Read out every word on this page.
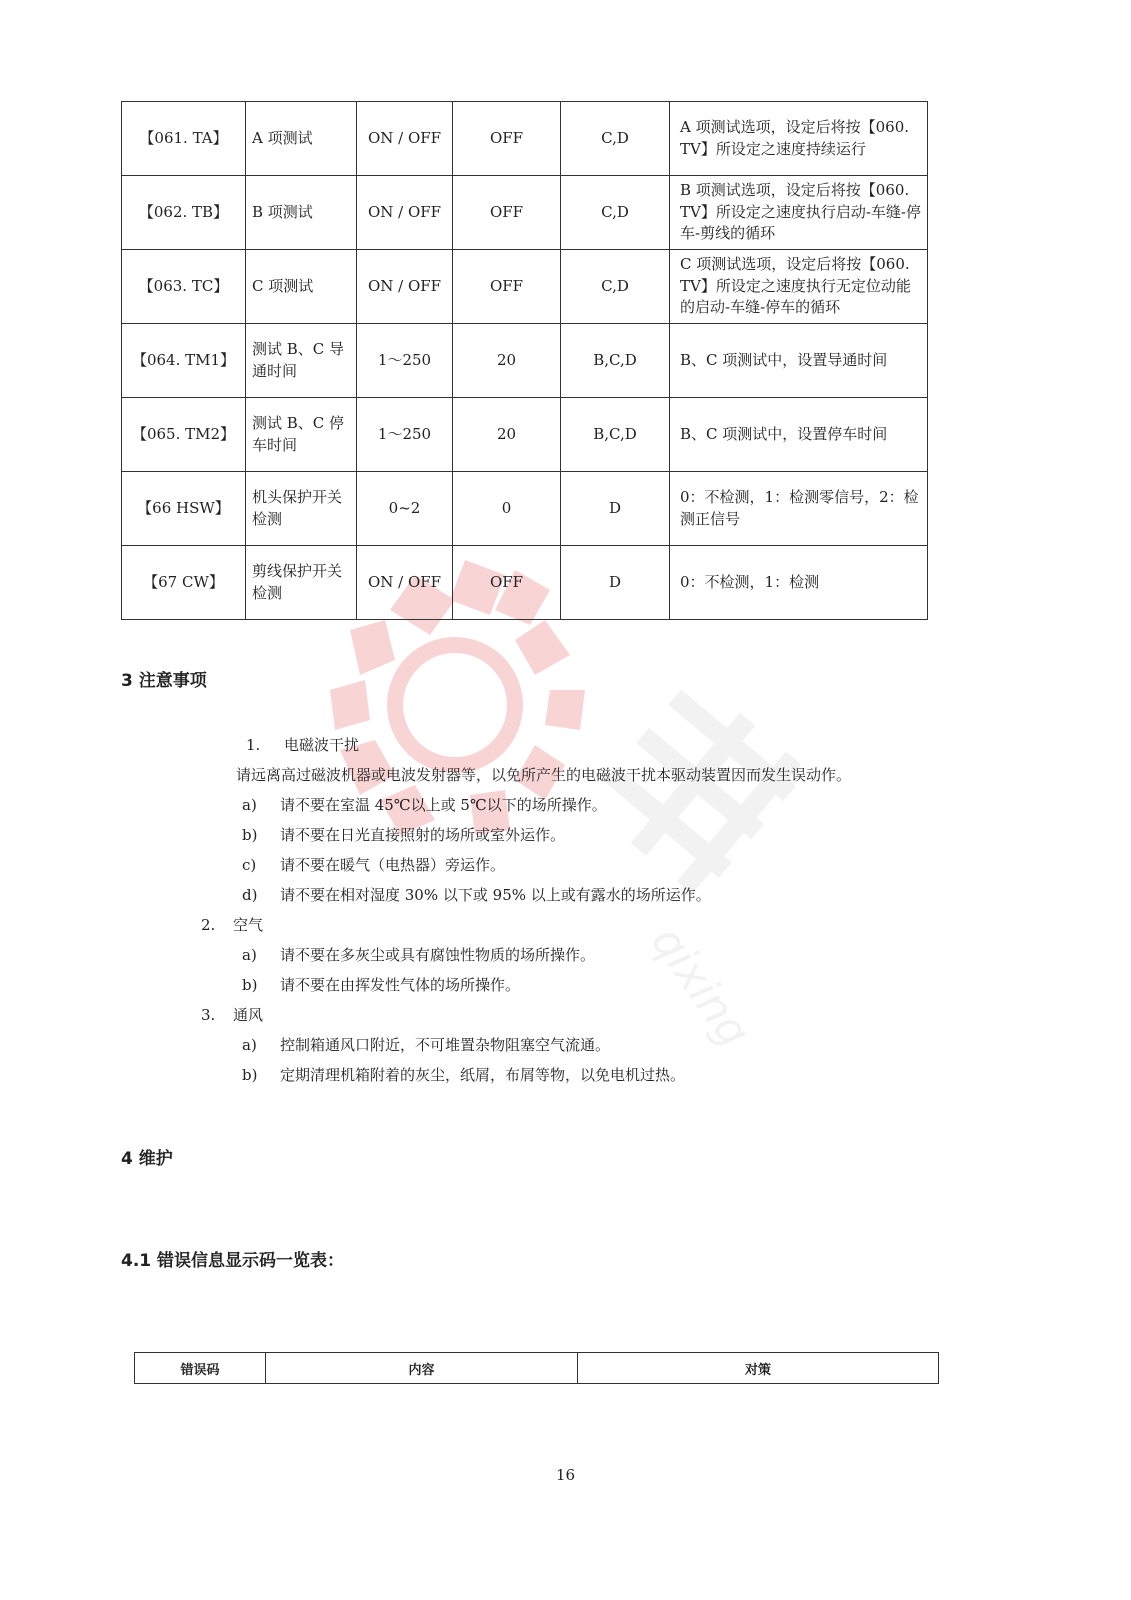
qixing
【061. TA】	A 项测试	ON / OFF	OFF	C,D	A 项测试选项，设定后将按【060. TV】所设定之速度持续运行
【062. TB】	B 项测试	ON / OFF	OFF	C,D	B 项测试选项，设定后将按【060. TV】所设定之速度执行启动-车缝-停车-剪线的循环
【063. TC】	C 项测试	ON / OFF	OFF	C,D	C 项测试选项，设定后将按【060. TV】所设定之速度执行无定位动能的启动-车缝-停车的循环
【064. TM1】	测试 B、C 导通时间	1～250	20	B,C,D	B、C 项测试中，设置导通时间
【065. TM2】	测试 B、C 停车时间	1～250	20	B,C,D	B、C 项测试中，设置停车时间
【66 HSW】	机头保护开关检测	0~2	0	D	0：不检测，1：检测零信号，2：检测正信号
【67 CW】	剪线保护开关检测	ON / OFF	OFF	D	0：不检测，1：检测
3 注意事项
1. 电磁波干扰
请远离高过磁波机器或电波发射器等，以免所产生的电磁波干扰本驱动装置因而发生误动作。
a) 请不要在室温 45℃以上或 5℃以下的场所操作。
b) 请不要在日光直接照射的场所或室外运作。
c) 请不要在暖气（电热器）旁运作。
d) 请不要在相对湿度 30% 以下或 95% 以上或有露水的场所运作。
2. 空气
a) 请不要在多灰尘或具有腐蚀性物质的场所操作。
b) 请不要在由挥发性气体的场所操作。
3. 通风
a) 控制箱通风口附近，不可堆置杂物阻塞空气流通。
b) 定期清理机箱附着的灰尘，纸屑，布屑等物，以免电机过热。
4 维护
4.1 错误信息显示码一览表：
错误码	内容	对策
16
